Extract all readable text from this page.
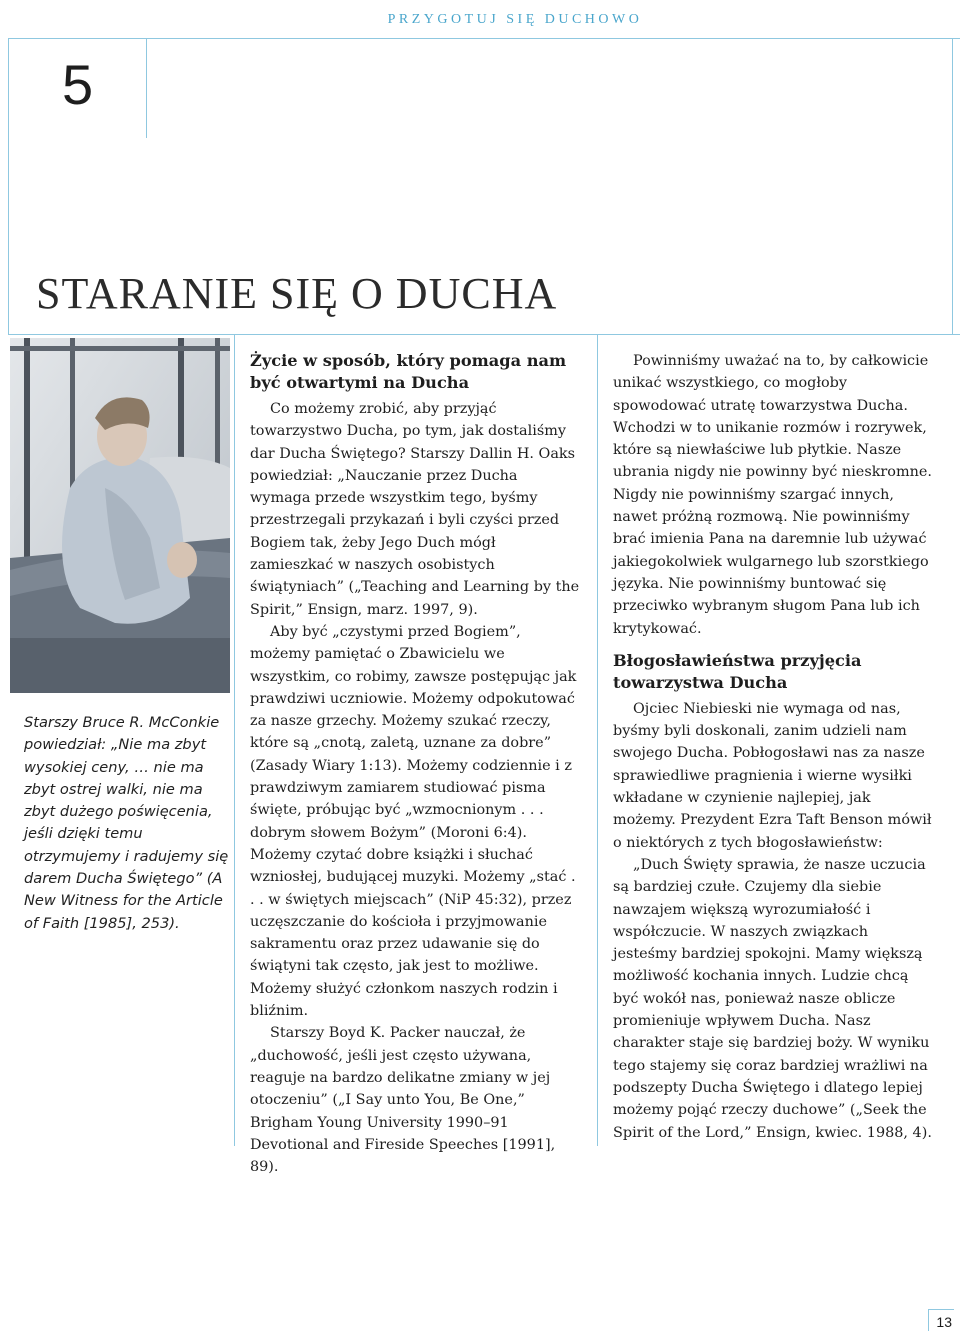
PRZYGOTUJ SIĘ DUCHOWO
5
STARANIE SIĘ O DUCHA
Starszy Bruce R. McConkie powiedział: „Nie ma zbyt wysokiej ceny, … nie ma zbyt ostrej walki, nie ma zbyt dużego poświęcenia, jeśli dzięki temu otrzymujemy i radujemy się darem Ducha Świętego” (A New Witness for the Article of Faith [1985], 253).
Życie w sposób, który pomaga nam być otwartymi na Ducha

Co możemy zrobić, aby przyjąć towarzystwo Ducha, po tym, jak dostaliśmy dar Ducha Świętego? Starszy Dallin H. Oaks powiedział: „Nauczanie przez Ducha wymaga przede wszystkim tego, byśmy przestrzegali przykazań i byli czyści przed Bogiem tak, żeby Jego Duch mógł zamieszkać w naszych osobistych świątyniach” („Teaching and Learning by the Spirit,” Ensign, marz. 1997, 9).

Aby być „czystymi przed Bogiem”, możemy pamiętać o Zbawicielu we wszystkim, co robimy, zawsze postępując jak prawdziwi uczniowie. Możemy odpokutować za nasze grzechy. Możemy szukać rzeczy, które są „cnotą, zaletą, uznane za dobre” (Zasady Wiary 1:13). Możemy codziennie i z prawdziwym zamiarem studiować pisma święte, próbując być „wzmocnionym . . . dobrym słowem Bożym” (Moroni 6:4). Możemy czytać dobre książki i słuchać wzniosłej, budującej muzyki. Możemy „stać . . . w świętych miejscach” (NiP 45:32), przez uczęszczanie do kościoła i przyjmowanie sakramentu oraz przez udawanie się do świątyni tak często, jak jest to możliwe. Możemy służyć członkom naszych rodzin i bliźnim.

Starszy Boyd K. Packer nauczał, że „duchowość, jeśli jest często używana, reaguje na bardzo delikatne zmiany w jej otoczeniu” („I Say unto You, Be One,” Brigham Young University 1990–91 Devotional and Fireside Speeches [1991], 89).

Powinniśmy uważać na to, by całkowicie unikać wszystkiego, co mogłoby spowodować utratę towarzystwa Ducha. Wchodzi w to unikanie rozmów i rozrywek, które są niewłaściwe lub płytkie. Nasze ubrania nigdy nie powinny być nieskromne. Nigdy nie powinniśmy szargać innych, nawet próżną rozmową. Nie powinniśmy brać imienia Pana na daremnie lub używać jakiegokolwiek wulgarnego lub szorstkiego języka. Nie powinniśmy buntować się przeciwko wybranym sługom Pana lub ich krytykować.

Błogosławieństwa przyjęcia towarzystwa Ducha

Ojciec Niebieski nie wymaga od nas, byśmy byli doskonali, zanim udzieli nam swojego Ducha. Pobłogosławi nas za nasze sprawiedliwe pragnienia i wierne wysiłki wkładane w czynienie najlepiej, jak możemy. Prezydent Ezra Taft Benson mówił o niektórych z tych błogosławieństw:

„Duch Święty sprawia, że nasze uczucia są bardziej czułe. Czujemy dla siebie nawzajem większą wyrozumiałość i współczucie. W naszych związkach jesteśmy bardziej spokojni. Mamy większą możliwość kochania innych. Ludzie chcą być wokół nas, ponieważ nasze oblicze promieniuje wpływem Ducha. Nasz charakter staje się bardziej boży. W wyniku tego stajemy się coraz bardziej wrażliwi na podszepty Ducha Świętego i dlatego lepiej możemy pojąć rzeczy duchowe” („Seek the Spirit of the Lord,” Ensign, kwiec. 1988, 4).

13
